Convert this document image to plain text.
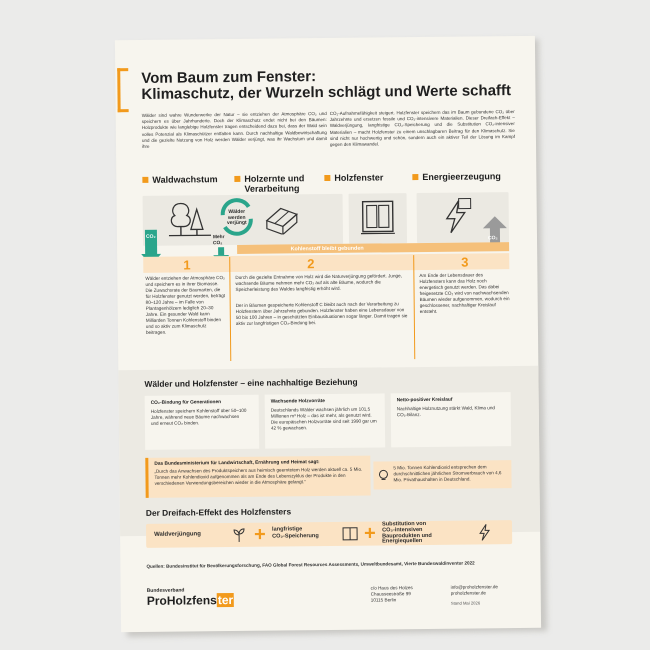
Vom Baum zum Fenster:
Klimaschutz, der Wurzeln schlägt und Werte schafft
Wälder sind wahre Wunderwerke der Natur – sie entziehen der Atmosphäre CO₂ und speichern es über Jahrhunderte. Doch der Klimaschutz endet nicht bei den Bäumen: Holzprodukte wie langlebige Holzfenster tragen entscheidend dazu bei, dass der Wald sein volles Potenzial als Klimaschützer entfalten kann. Durch nachhaltige Waldbewirtschaftung und die gezielte Nutzung von Holz werden Wälder verjüngt, was ihr Wachstum und damit ihre
CO₂-Aufnahmefähigkeit steigert. Holzfenster speichern das im Baum gebundene CO₂ über Jahrzehnte und ersetzen fossile und CO₂-intensivere Materialien. Dieser Dreifach-Effekt – Waldverjüngung, langfristige CO₂-Speicherung und die Substitution CO₂-intensiver Materialien – macht Holzfenster zu einem unschlagbaren Beitrag für den Klimaschutz. Sie sind nicht nur hochwertig und schön, sondern auch ein aktiver Teil der Lösung im Kampf gegen den Klimawandel.
Waldwachstum	Holzernte und
Verarbeitung
Holzfenster	Energieerzeugung
Wälder
werden
verjüngt
CO₂	Mehr
CO₂
CO₂
Kohlenstoff bleibt gebunden
1	2	3
Wälder entziehen der Atmosphäre CO₂ und speichern es in ihrer Biomasse. Die Zuwachsrate der Baumarten, die für Holzfenster genutzt werden, beträgt 80–120 Jahre – im Falle von Plantagenhölzern lediglich 20–30 Jahre. Ein gesunder Wald kann Milliarden Tonnen Kohlenstoff binden und so aktiv zum Klimaschutz beitragen.
Durch die gezielte Entnahme von Holz wird die Naturverjüngung gefördert. Junge, wachsende Bäume nehmen mehr CO₂ auf als alte Bäume, wodurch die Speicherleistung des Waldes langfristig erhöht wird.
Der in Bäumen gespeicherte Kohlenstoff C bleibt auch nach der Verarbeitung zu Holzfenstern über Jahrzehnte gebunden. Holzfenster haben eine Lebensdauer von 50 bis 100 Jahren – in geschützten Einbausituationen sogar länger. Damit tragen sie aktiv zur langfristigen CO₂-Bindung bei.
Am Ende der Lebensdauer des Holzfensters kann das Holz noch energetisch genutzt werden. Das dabei freigesetzte CO₂ wird von nachwachsenden Bäumen wieder aufgenommen, wodurch ein geschlossener, nachhaltiger Kreislauf entsteht.
Wälder und Holzfenster – eine nachhaltige Beziehung
CO₂-Bindung für Generationen
Holzfenster speichern Kohlenstoff über 50–100 Jahre, während neue Bäume nachwachsen und erneut CO₂ binden.
Wachsende Holzvorräte
Deutschlands Wälder wachsen jährlich um 101,5 Millionen m³ Holz – das ist mehr, als genutzt wird. Die europäischen Holzvorräte sind seit 1990 gar um 42 % gewachsen.
Netto-positiver Kreislauf
Nachhaltige Holznutzung stärkt Wald, Klima und CO₂-Bilanz.
Das Bundesministerium für Landwirtschaft, Ernährung und Heimat sagt:
„Durch das Anwachsen des Produktspeichers aus heimisch geerntetem Holz werden aktuell ca. 5 Mio. Tonnen mehr Kohlendioxid aufgenommen als am Ende des Lebenszyklus der Produkte in den verschiedenen Verwendungsbereichen wieder in die Atmosphäre gelangt.“
5 Mio. Tonnen Kohlendioxid entsprechen dem durchschnittlichen jährlichen Stromverbrauch von 4,6 Mio. Privathaushalten in Deutschland.
Der Dreifach-Effekt des Holzfensters
Waldverjüngung	+ langfristige
CO₂-Speicherung + Substitution von
CO₂-intensiven
Bauprodukten und
Energiequellen
Quellen: Bundesinstitut für Bevölkerungsforschung, FAO Global Forest Resources Assessments, Umweltbundesamt, Vierte Bundeswaldinventur 2022
Bundesverband
ProHolzfenster
c/o Haus des Holzes
Chausseestraße 99
10115 Berlin
info@proholzfenster.de
proholzfenster.de
Stand Mai 2026
